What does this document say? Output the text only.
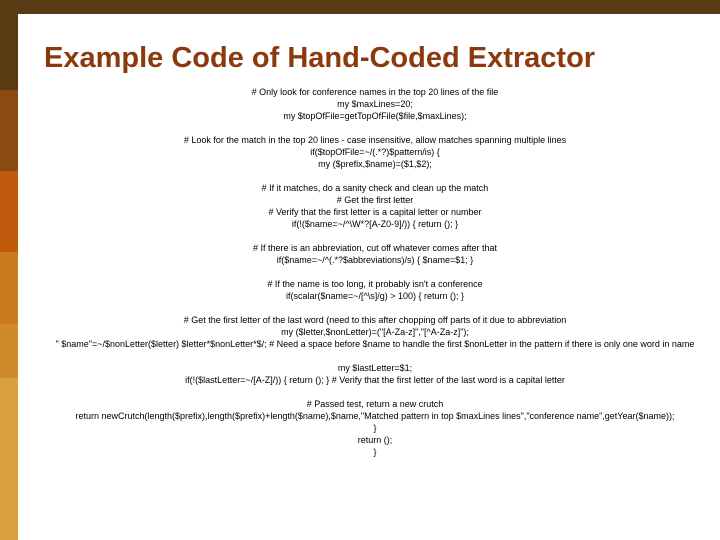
Example Code of Hand-Coded Extractor
# Only look for conference names in the top 20 lines of the file
my $maxLines=20;
my $topOfFile=getTopOfFile($file,$maxLines);
# Look for the match in the top 20 lines - case insensitive, allow matches spanning multiple lines
if($topOfFile=~/(.*?)$pattern/is) {
my ($prefix,$name)=($1,$2);
# If it matches, do a sanity check and clean up the match
# Get the first letter
# Verify that the first letter is a capital letter or number
if(!($name=~/^\W*?[A-Z0-9]/)) { return (); }
# If there is an abbreviation, cut off whatever comes after that
if($name=~/^(.*?$abbreviations)/s) { $name=$1; }
# If the name is too long, it probably isn't a conference
if(scalar($name=~/[^\s]/g) > 100) { return (); }
# Get the first letter of the last word (need to this after chopping off parts of it due to abbreviation
my ($letter,$nonLetter)=("[A-Za-z]","[^A-Za-z]");
" $name"=~/$nonLetter($letter) $letter*$nonLetter*$/; # Need a space before $name to handle the first $nonLetter in the pattern if there is only one word in name
my $lastLetter=$1;
if(!($lastLetter=~/[A-Z]/)) { return (); } # Verify that the first letter of the last word is a capital letter
# Passed test, return a new crutch
return newCrutch(length($prefix),length($prefix)+length($name),$name,"Matched pattern in top $maxLines lines","conference name",getYear($name));
}
return ();
}
